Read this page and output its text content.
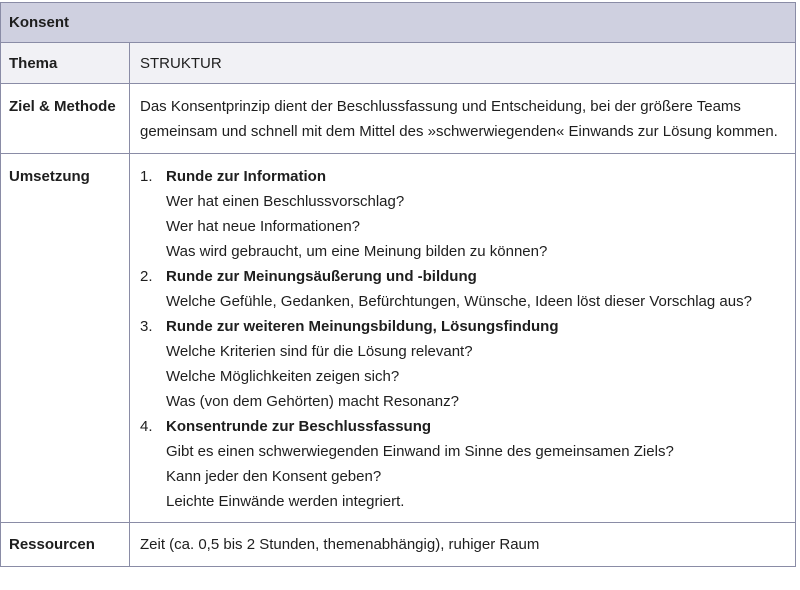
Konsent
Thema	STRUKTUR
Ziel & Methode	Das Konsentprinzip dient der Beschlussfassung und Entscheidung, bei der größere Teams gemeinsam und schnell mit dem Mittel des »schwerwiegenden« Einwands zur Lösung kommen.
Umsetzung	1. Runde zur Information
Wer hat einen Beschlussvorschlag?
Wer hat neue Informationen?
Was wird gebraucht, um eine Meinung bilden zu können?
2. Runde zur Meinungsäußerung und -bildung
Welche Gefühle, Gedanken, Befürchtungen, Wünsche, Ideen löst dieser Vorschlag aus?
3. Runde zur weiteren Meinungsbildung, Lösungsfindung
Welche Kriterien sind für die Lösung relevant?
Welche Möglichkeiten zeigen sich?
Was (von dem Gehörten) macht Resonanz?
4. Konsentrunde zur Beschlussfassung
Gibt es einen schwerwiegenden Einwand im Sinne des gemeinsamen Ziels?
Kann jeder den Konsent geben?
Leichte Einwände werden integriert.
Ressourcen	Zeit (ca. 0,5 bis 2 Stunden, themenabhängig), ruhiger Raum
